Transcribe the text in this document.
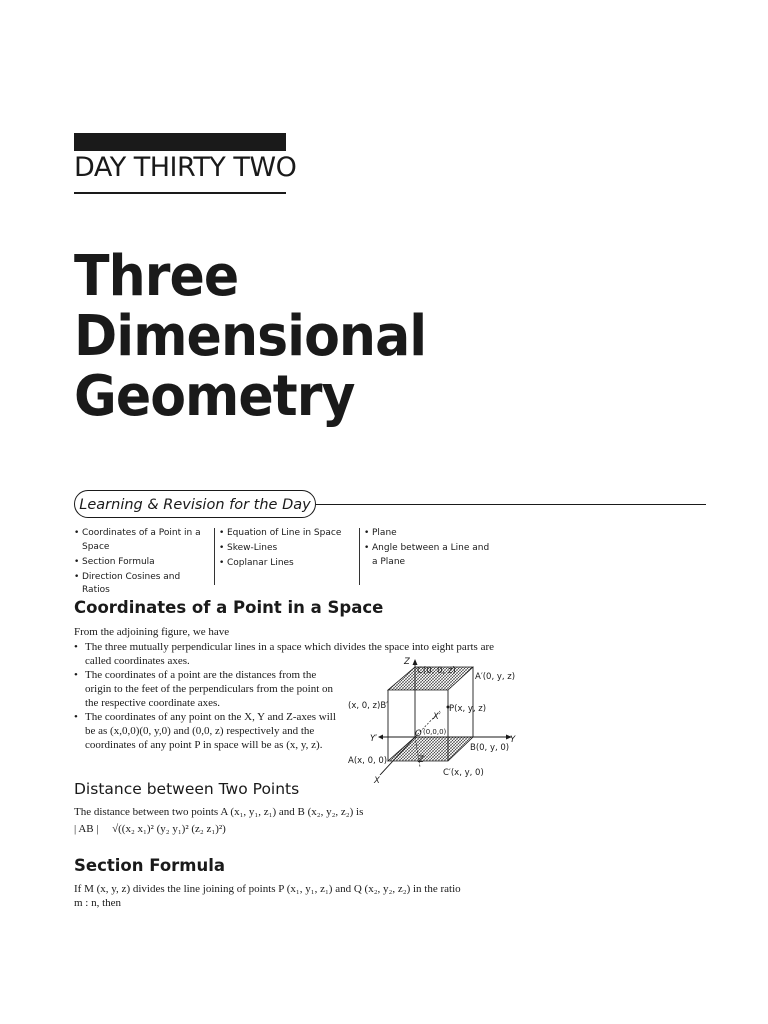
DAY THIRTY TWO
Three
Dimensional
Geometry
Learning & Revision for the Day
• Coordinates of a Point in a Space
• Section Formula
• Direction Cosines and Ratios
• Equation of Line in Space
• Skew-Lines
• Coplanar Lines
• Plane
• Angle between a Line and a Plane
Coordinates of a Point in a Space
From the adjoining figure, we have
• The three mutually perpendicular lines in a space which divides the space into eight parts are called coordinates axes.
• The coordinates of a point are the distances from the origin to the feet of the perpendiculars from the point on the respective coordinate axes.
• The coordinates of any point on the X, Y and Z-axes will be as (x,0,0)(0, y,0) and (0,0, z) respectively and the coordinates of any point P in space will be as (x, y, z).
Z
C(0, 0, z)
A′(0, y, z)
(x, 0, z)B′	P(x, y, z)
X′
O (0,0,0)
Y′	Y
B(0, y, 0)
A(x, 0, 0)	Z′
X
C′(x, y, 0)
Distance between Two Points
The distance between two points A (x₁, y₁, z₁) and B (x₂, y₂, z₂) is
| AB | √((x₂ x₁)² (y₂ y₁)² (z₂ z₁)²)
Section Formula
If M (x, y, z) divides the line joining of points P (x₁, y₁, z₁) and Q (x₂, y₂, z₂) in the ratio
m : n, then
